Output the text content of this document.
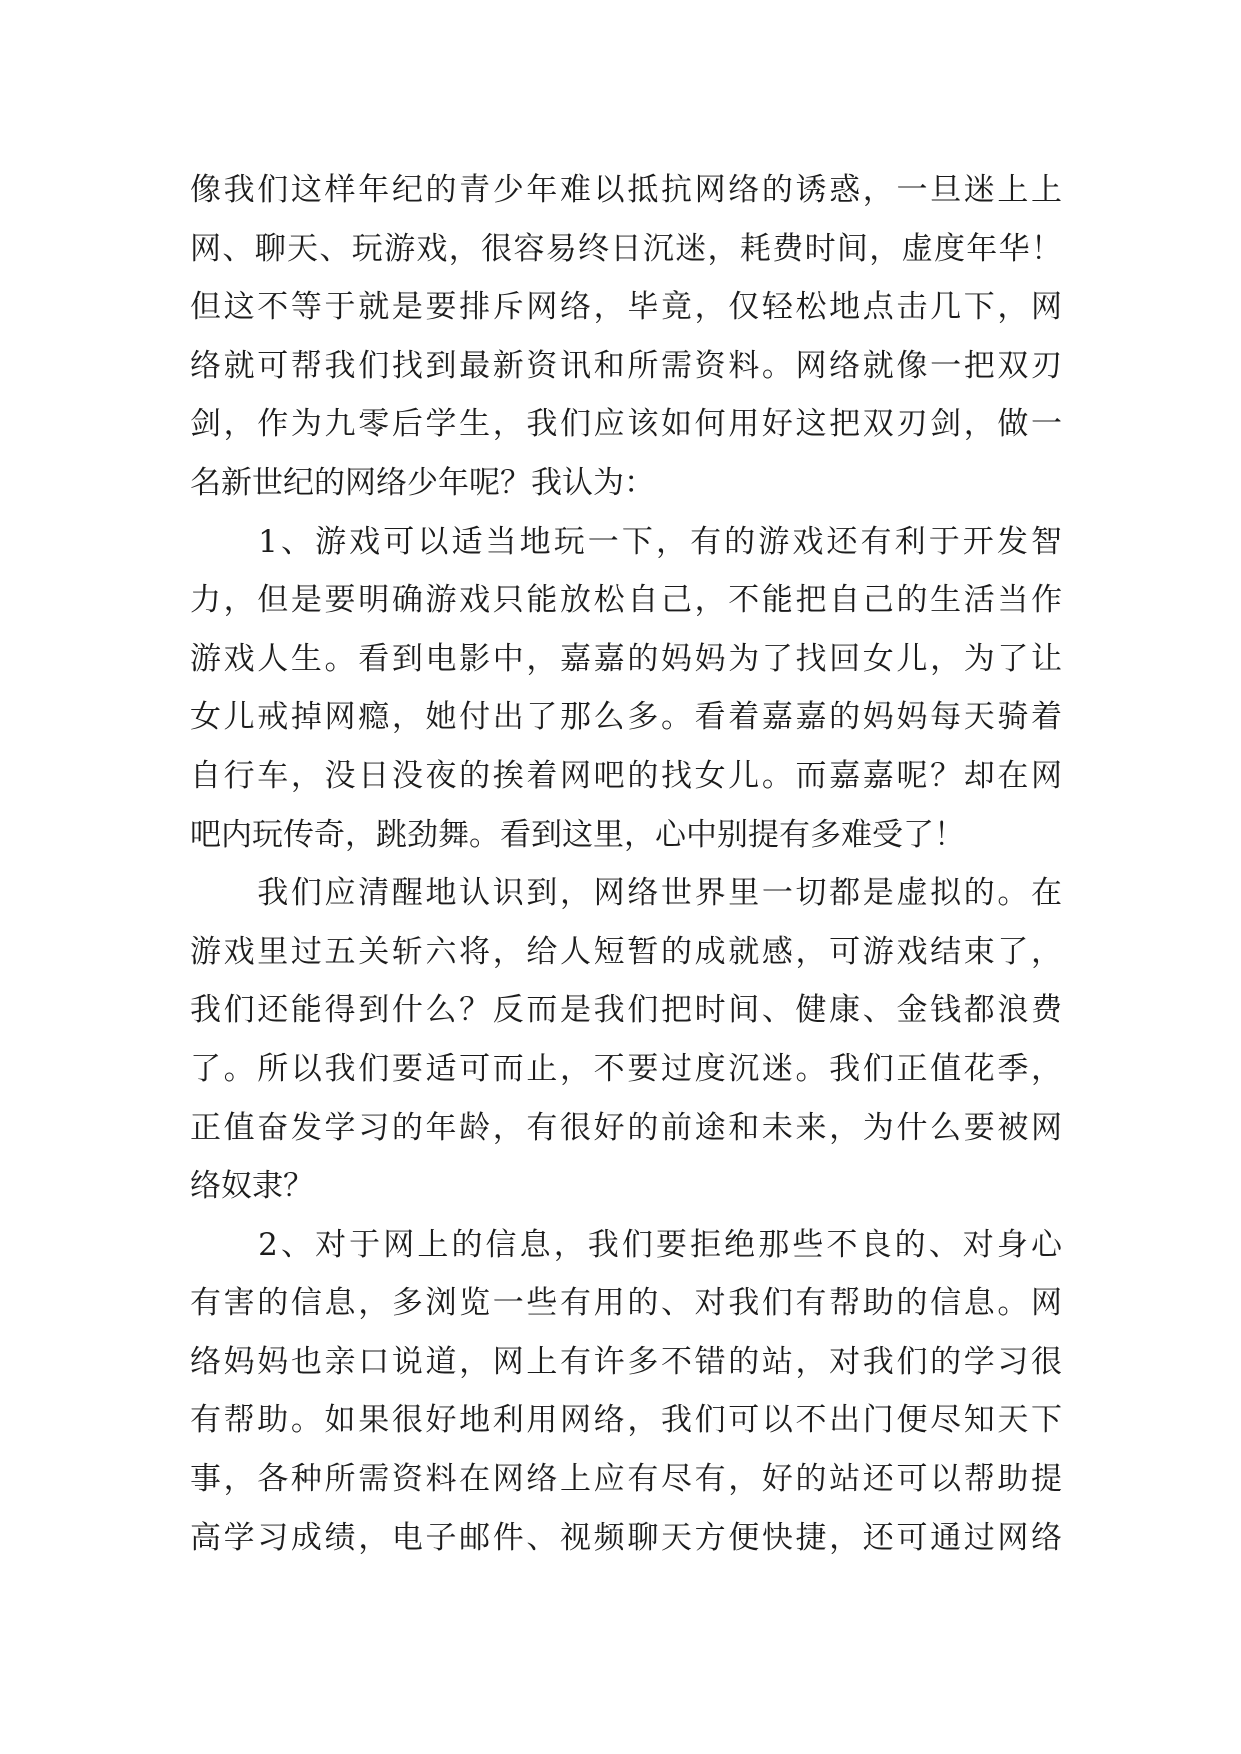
像我们这样年纪的青少年难以抵抗网络的诱惑，一旦迷上上
网、聊天、玩游戏，很容易终日沉迷，耗费时间，虚度年华！
但这不等于就是要排斥网络，毕竟，仅轻松地点击几下，网
络就可帮我们找到最新资讯和所需资料。网络就像一把双刃
剑，作为九零后学生，我们应该如何用好这把双刃剑，做一
名新世纪的网络少年呢？我认为：
　　1、游戏可以适当地玩一下，有的游戏还有利于开发智
力，但是要明确游戏只能放松自己，不能把自己的生活当作
游戏人生。看到电影中，嘉嘉的妈妈为了找回女儿，为了让
女儿戒掉网瘾，她付出了那么多。看着嘉嘉的妈妈每天骑着
自行车，没日没夜的挨着网吧的找女儿。而嘉嘉呢？却在网
吧内玩传奇，跳劲舞。看到这里，心中别提有多难受了！
　　我们应清醒地认识到，网络世界里一切都是虚拟的。在
游戏里过五关斩六将，给人短暂的成就感，可游戏结束了，
我们还能得到什么？反而是我们把时间、健康、金钱都浪费
了。所以我们要适可而止，不要过度沉迷。我们正值花季，
正值奋发学习的年龄，有很好的前途和未来，为什么要被网
络奴隶？
　　2、对于网上的信息，我们要拒绝那些不良的、对身心
有害的信息，多浏览一些有用的、对我们有帮助的信息。网
络妈妈也亲口说道，网上有许多不错的站，对我们的学习很
有帮助。如果很好地利用网络，我们可以不出门便尽知天下
事，各种所需资料在网络上应有尽有，好的站还可以帮助提
高学习成绩，电子邮件、视频聊天方便快捷，还可通过网络
